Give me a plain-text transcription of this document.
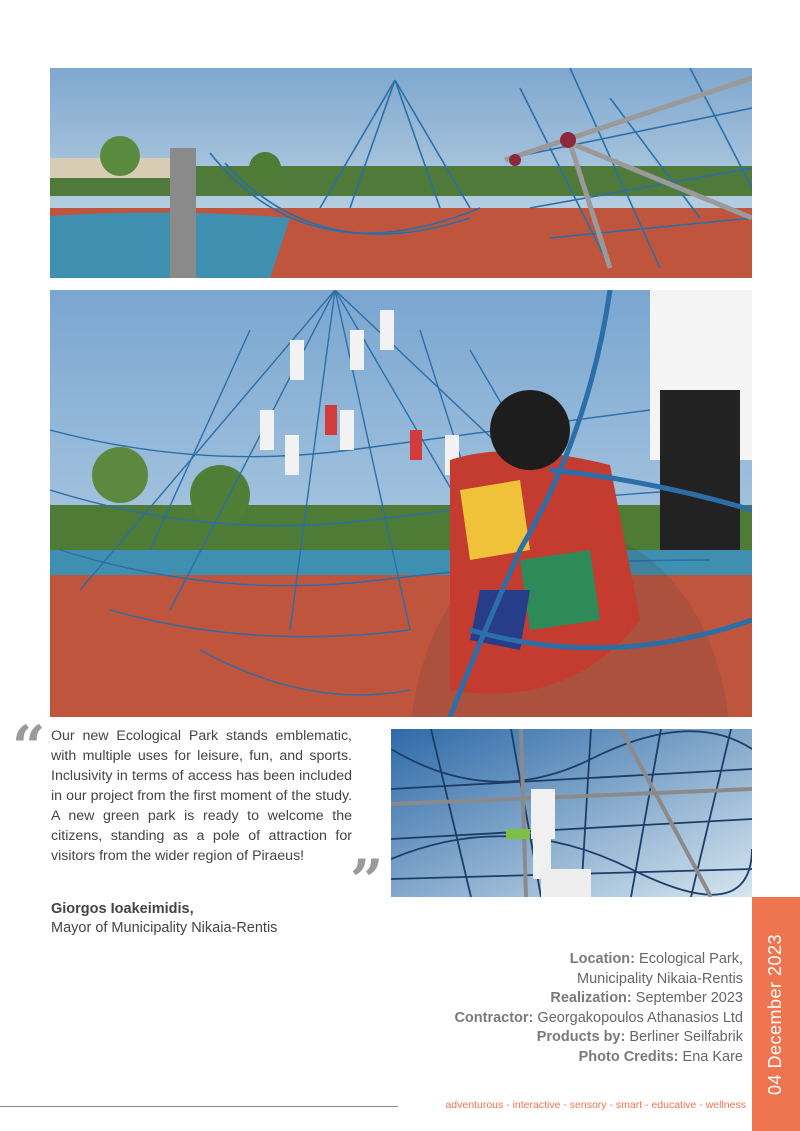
“ Our new Ecological Park stands emblematic, with multiple uses for leisure, fun, and sports. Inclusivity in terms of access has been included in our project from the first moment of the study. A new green park is ready to welcome the citizens, standing as a pole of attraction for visitors from the wider region of Piraeus! ”
Giorgos Ioakeimidis,
Mayor of Municipality Nikaia-Rentis
Location: Ecological Park,
Municipality Nikaia-Rentis
Realization: September 2023
Contractor: Georgakopoulos Athanasios Ltd
Products by: Berliner Seilfabrik
Photo Credits: Ena Kare 04 December 2023
adventurous - interactive - sensory - smart - educative - wellness
